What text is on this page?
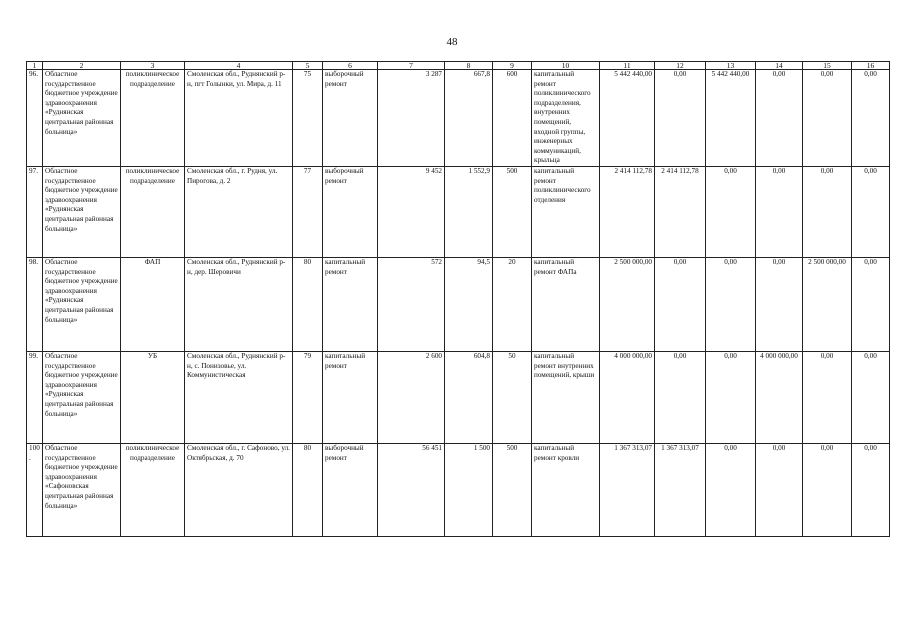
48
1	2	3	4	5	6	7	8	9	10	11	12	13	14	15	16
96.	Областное государственное бюджетное учреждение здравоохранения «Руднянская центральная районная больница»	поликлиническое подразделение	Смоленская обл., Руднянский р-н, пгт Голынки, ул. Мира, д. 11	75	выборочный ремонт	3 287	667,8	600	капитальный ремонт поликлинического подразделения, внутренних помещений, входной группы, инженерных коммуникаций, крыльца	5 442 440,00	0,00	5 442 440,00	0,00	0,00	0,00
97.	Областное государственное бюджетное учреждение здравоохранения «Руднянская центральная районная больница»	поликлиническое подразделение	Смоленская обл., г. Рудня, ул. Пирогова, д. 2	77	выборочный ремонт	9 452	1 552,9	500	капитальный ремонт поликлинического отделения	2 414 112,78	2 414 112,78	0,00	0,00	0,00	0,00
98.	Областное государственное бюджетное учреждение здравоохранения «Руднянская центральная районная больница»	ФАП	Смоленская обл., Руднянский р-н, дер. Шеровичи	80	капитальный ремонт	572	94,5	20	капитальный ремонт ФАПа	2 500 000,00	0,00	0,00	0,00	2 500 000,00	0,00
99.	Областное государственное бюджетное учреждение здравоохранения «Руднянская центральная районная больница»	УБ	Смоленская обл., Руднянский р-н, с. Понизовье, ул. Коммунистическая	79	капитальный ремонт	2 600	604,8	50	капитальный ремонт внутренних помещений, крыши	4 000 000,00	0,00	0,00	4 000 000,00	0,00	0,00
100.	Областное государственное бюджетное учреждение здравоохранения «Сафоновская центральная районная больница»	поликлиническое подразделение	Смоленская обл., г. Сафоново, ул. Октябрьская, д. 70	80	выборочный ремонт	56 451	1 500	500	капитальный ремонт кровли	1 367 313,07	1 367 313,07	0,00	0,00	0,00	0,00
